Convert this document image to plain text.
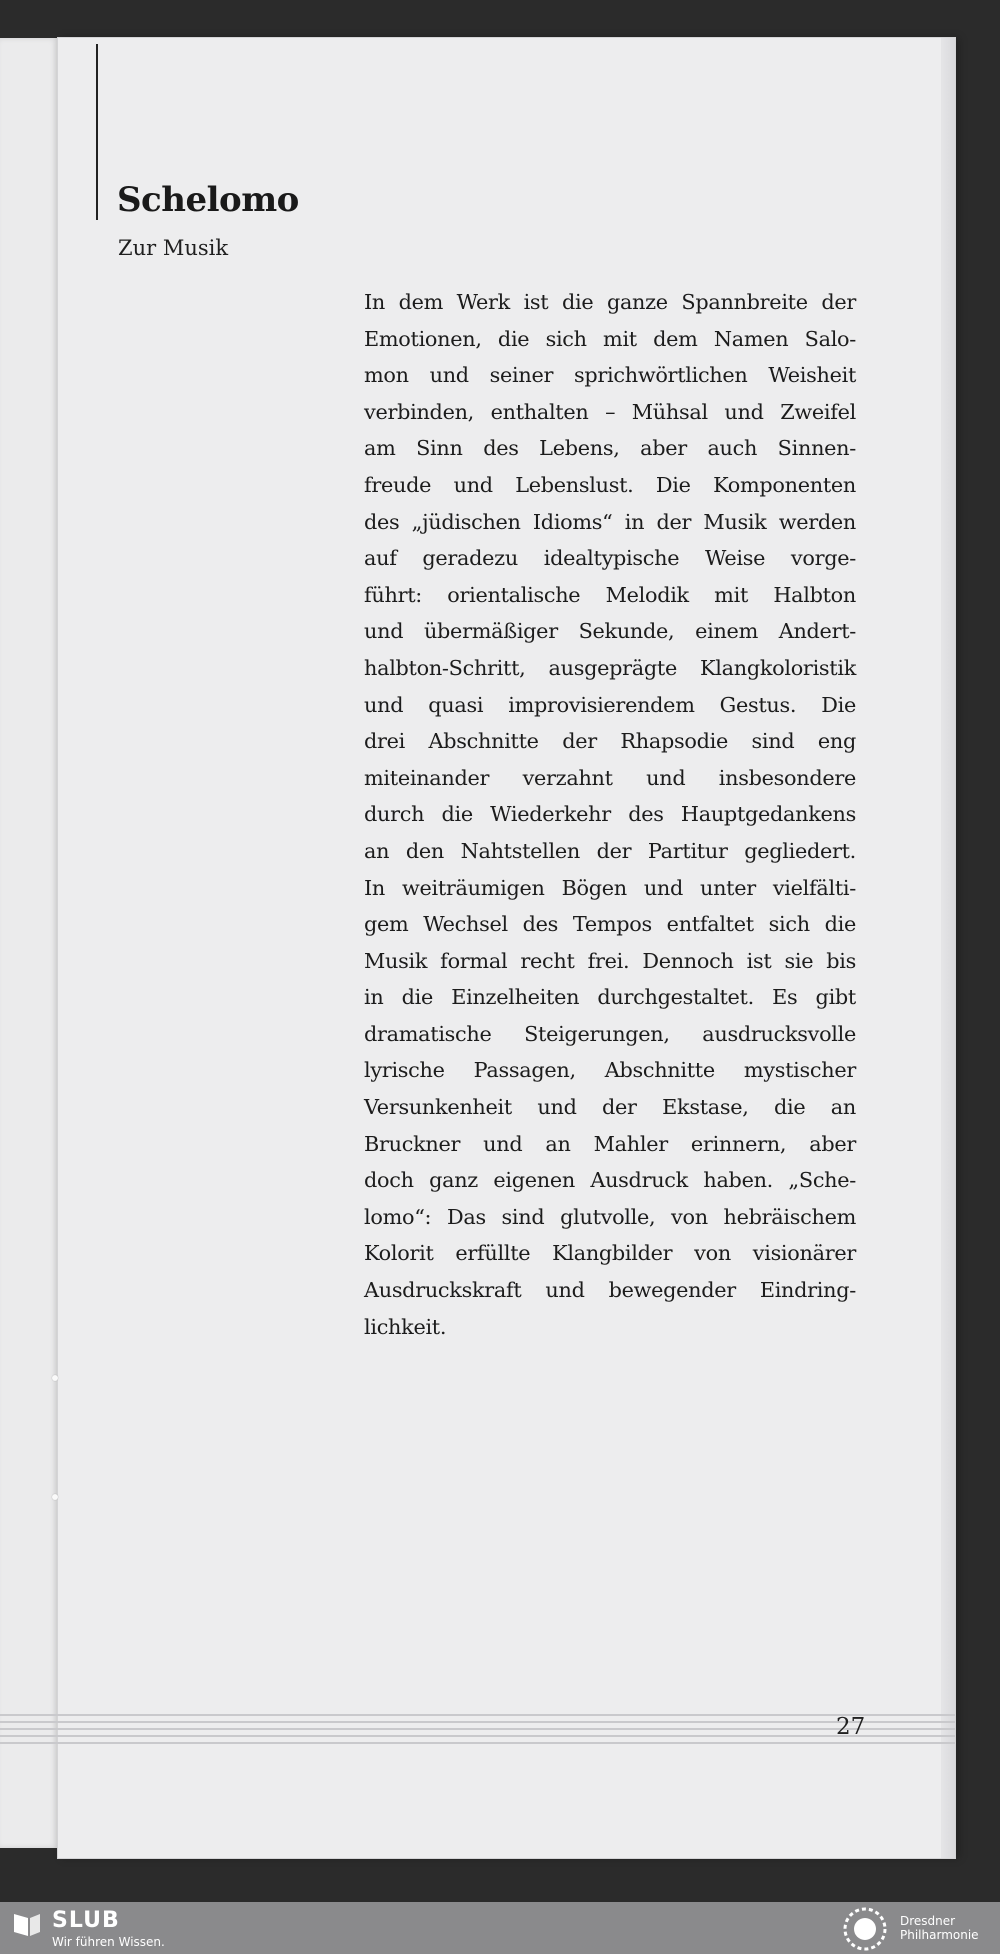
Schelomo
Zur Musik
In dem Werk ist die ganze Spannbreite der
Emotionen, die sich mit dem Namen Salo-
mon und seiner sprichwörtlichen Weisheit
verbinden, enthalten – Mühsal und Zweifel
am Sinn des Lebens, aber auch Sinnen-
freude und Lebenslust. Die Komponenten
des „jüdischen Idioms“ in der Musik werden
auf geradezu idealtypische Weise vorge-
führt: orientalische Melodik mit Halbton
und übermäßiger Sekunde, einem Andert-
halbton-Schritt, ausgeprägte Klangkoloristik
und quasi improvisierendem Gestus. Die
drei Abschnitte der Rhapsodie sind eng
miteinander verzahnt und insbesondere
durch die Wiederkehr des Hauptgedankens
an den Nahtstellen der Partitur gegliedert.
In weiträumigen Bögen und unter vielfälti-
gem Wechsel des Tempos entfaltet sich die
Musik formal recht frei. Dennoch ist sie bis
in die Einzelheiten durchgestaltet. Es gibt
dramatische Steigerungen, ausdrucksvolle
lyrische Passagen, Abschnitte mystischer
Versunkenheit und der Ekstase, die an
Bruckner und an Mahler erinnern, aber
doch ganz eigenen Ausdruck haben. „Sche-
lomo“: Das sind glutvolle, von hebräischem
Kolorit erfüllte Klangbilder von visionärer
Ausdruckskraft und bewegender Eindring-
lichkeit.
27
SLUB
Wir führen Wissen.
Dresdner
Philharmonie
